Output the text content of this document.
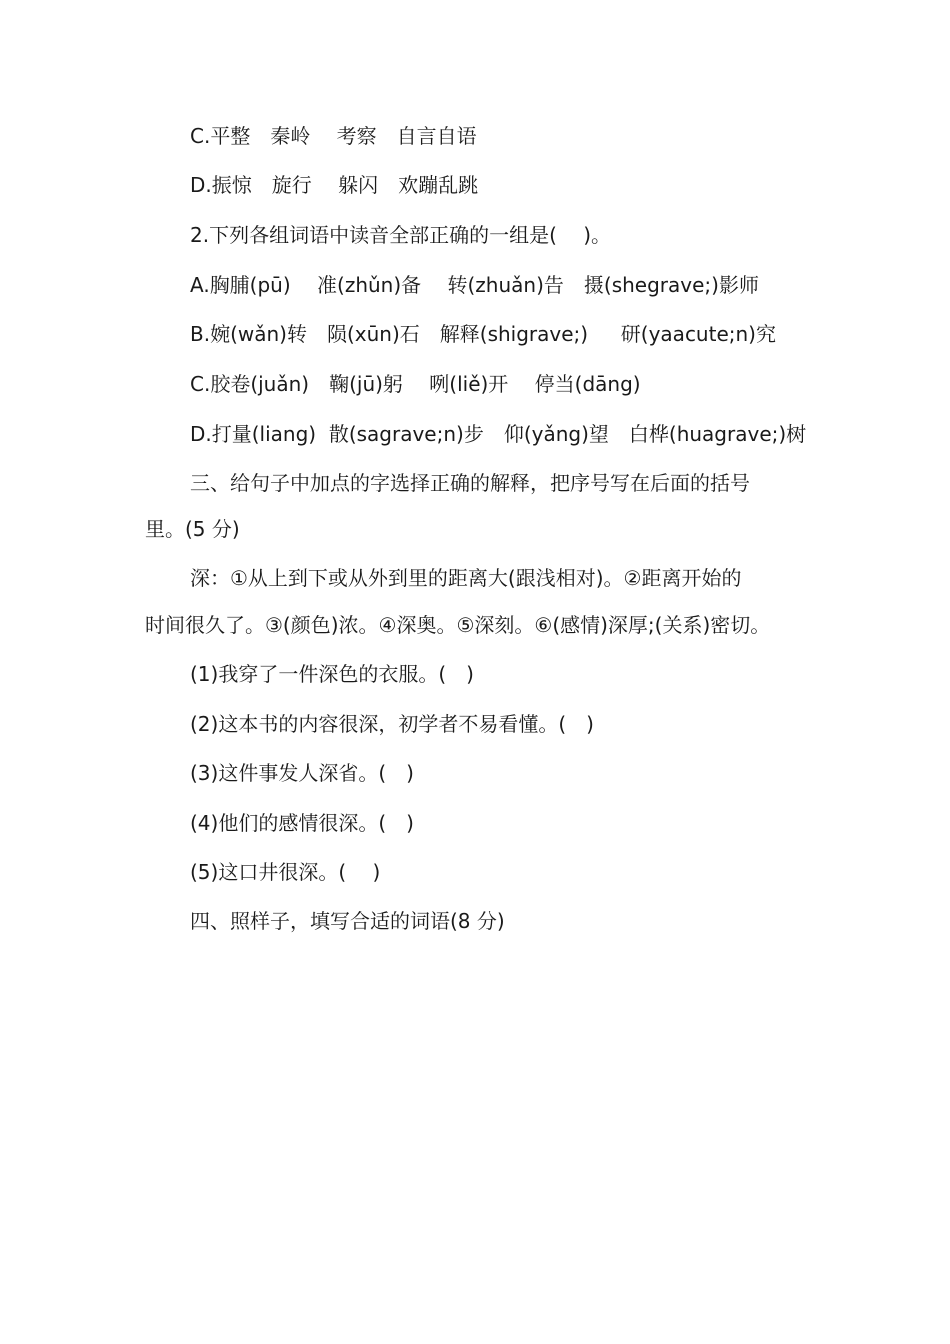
C.平整　秦岭　 考察　自言自语

D.振惊　旋行　 躲闪　欢蹦乱跳

2.下列各组词语中读音全部正确的一组是(　 )。

A.胸脯(pū)　 准(zhǔn)备　 转(zhuǎn)告　摄(shegrave;)影师

B.婉(wǎn)转　陨(xūn)石　解释(shigrave;)　  研(yaacute;n)究

C.胶卷(juǎn)　鞠(jū)躬　 咧(liě)开　 停当(dāng)

D.打量(liang)  散(sagrave;n)步　仰(yǎng)望　白桦(huagrave;)树

三、给句子中加点的字选择正确的解释，把序号写在后面的括号

里。(5 分)

深：①从上到下或从外到里的距离大(跟浅相对)。②距离开始的

时间很久了。③(颜色)浓。④深奥。⑤深刻。⑥(感情)深厚;(关系)密切。

(1)我穿了一件深色的衣服。(　)

(2)这本书的内容很深，初学者不易看懂。(　)

(3)这件事发人深省。(　)

(4)他们的感情很深。(　)

(5)这口井很深。(　 )

四、照样子，填写合适的词语(8 分)
